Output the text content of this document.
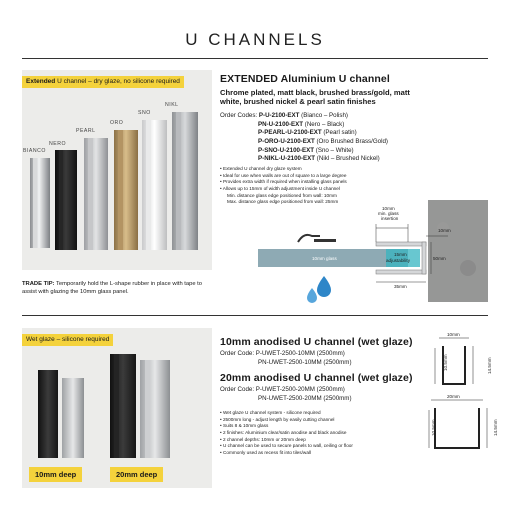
U CHANNELS
Extended U channel – dry glaze, no silicone required
BIANCO
NERO
PEARL
ORO
SNO
NIKL
TRADE TIP: Temporarily hold the L-shape rubber in place with tape to assist with glazing the 10mm glass panel.
EXTENDED Aluminium U channel
Chrome plated, matt black, brushed brass/gold, matt white, brushed nickel & pearl satin finishes
Order Codes: P-U-2100-EXT (Bianco – Polish)
PN-U-2100-EXT (Nero – Black)
P-PEARL-U-2100-EXT (Pearl satin)
P-ORO-U-2100-EXT (Oro Brushed Brass/Gold)
P-SNO-U-2100-EXT (Sno – White)
P-NIKL-U-2100-EXT (Nikl – Brushed Nickel)
• Extended U channel dry glaze system
• Ideal for use when walls are out of square to a large degree
• Provides extra width if required when installing glass panels
• Allows up to 15mm of width adjustment inside U channel
Min. distance glass edge positioned from wall: 10mm
Max. distance glass edge positioned from wall: 25mm
10mm
min. glass
insertion
10mm
10mm glass
15mm
adjustability	50mm
35mm
Wet glaze – silicone required
10mm deep	20mm deep
10mm anodised U channel (wet glaze)
Order Code: P-UWET-2500-10MM (2500mm)
PN-UWET-2500-10MM (2500mm)
20mm anodised U channel (wet glaze)
Order Code: P-UWET-2500-20MM (2500mm)
PN-UWET-2500-20MM (2500mm)
• Wet glaze U channel system - silicone required
• 2500mm long - adjust length by easily cutting channel
• Suits 8 & 10mm glass
• 2 finishes: Aluminium clear/satin anodise and black anodise
• 2 channel depths: 10mm or 20mm deep
• U channel can be used to secure panels to wall, ceiling or floor
• Commonly used as recess fit into tiles/wall
10mm
10.5mm	14.5mm
20mm
10.5mm	14.5mm
